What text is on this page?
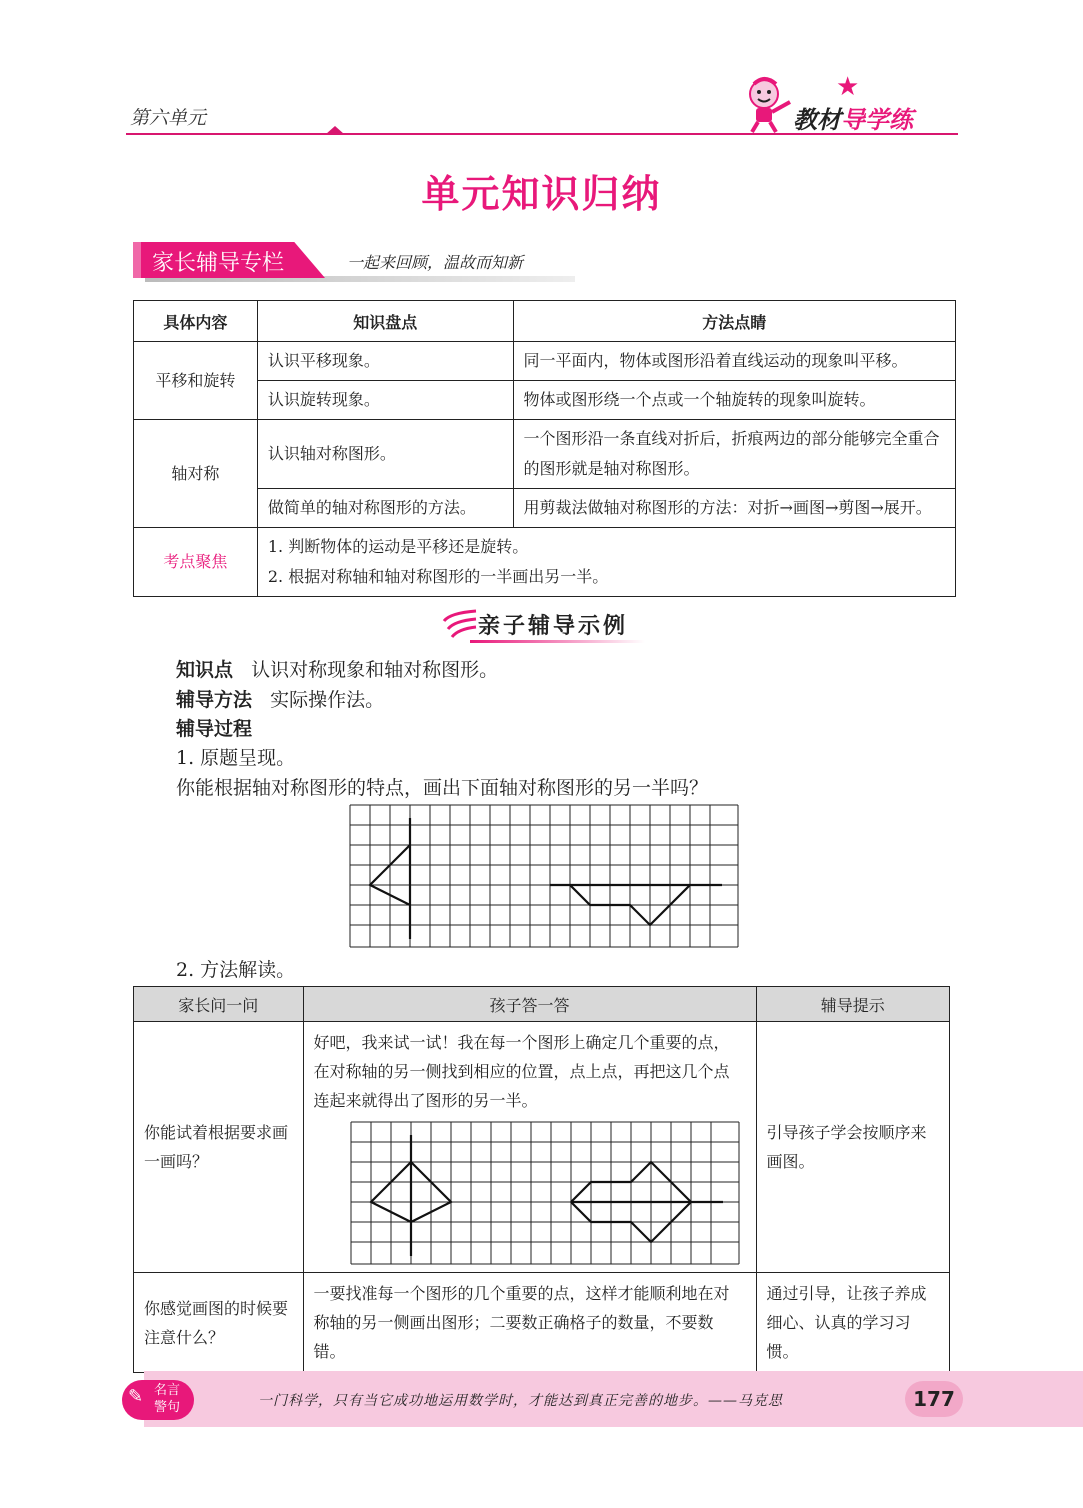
第六单元
★
教材导学练
单元知识归纳
家长辅导专栏	一起来回顾，温故而知新
具体内容	知识盘点	方法点睛
平移和旋转	认识平移现象。	同一平面内，物体或图形沿着直线运动的现象叫平移。
	认识旋转现象。	物体或图形绕一个点或一个轴旋转的现象叫旋转。
轴对称	认识轴对称图形。	一个图形沿一条直线对折后，折痕两边的部分能够完全重合的图形就是轴对称图形。
	做简单的轴对称图形的方法。	用剪裁法做轴对称图形的方法：对折→画图→剪图→展开。
考点聚焦	1. 判断物体的运动是平移还是旋转。
2. 根据对称轴和轴对称图形的一半画出另一半。	
亲子辅导示例
知识点 认识对称现象和轴对称图形。
辅导方法 实际操作法。
辅导过程
1. 原题呈现。
你能根据轴对称图形的特点，画出下面轴对称图形的另一半吗？
2. 方法解读。
家长问一问	孩子答一答	辅导提示
你能试着根据要求画一画吗？	好吧，我来试一试！我在每一个图形上确定几个重要的点，在对称轴的另一侧找到相应的位置，点上点，再把这几个点连起来就得出了图形的另一半。	引导孩子学会按顺序来画图。
你感觉画图的时候要注意什么？	一要找准每一个图形的几个重要的点，这样才能顺利地在对称轴的另一侧画出图形；二要数正确格子的数量，不要数错。	通过引导，让孩子养成细心、认真的学习习惯。
✎ 名言
警句	一门科学，只有当它成功地运用数学时，才能达到真正完善的地步。——马克思	177
